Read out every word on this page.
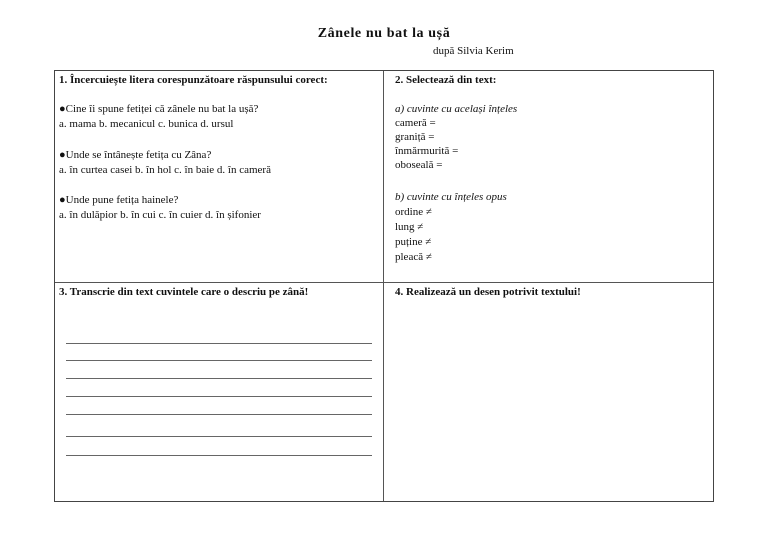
Zânele nu bat la ușă
după Silvia Kerim
1. Încercuiește litera corespunzătoare răspunsului corect:
●Cine îi spune fetiței că zânele nu bat la ușă?
a. mama b. mecanicul c. bunica d. ursul
●Unde se întânește fetița cu Zâna?
a. în curtea casei b. în hol c. în baie d. în cameră
●Unde pune fetița hainele?
a. în dulăpior b. în cui c. în cuier d. în șifonier
2. Selectează din text:
a) cuvinte cu același înțeles
cameră =
graniță =
înmărmurită =
oboseală =
b) cuvinte cu înțeles opus
ordine ≠
lung ≠
puține ≠
pleacă ≠
3. Transcrie din text cuvintele care o descriu pe zână!	4. Realizează un desen potrivit textului!
